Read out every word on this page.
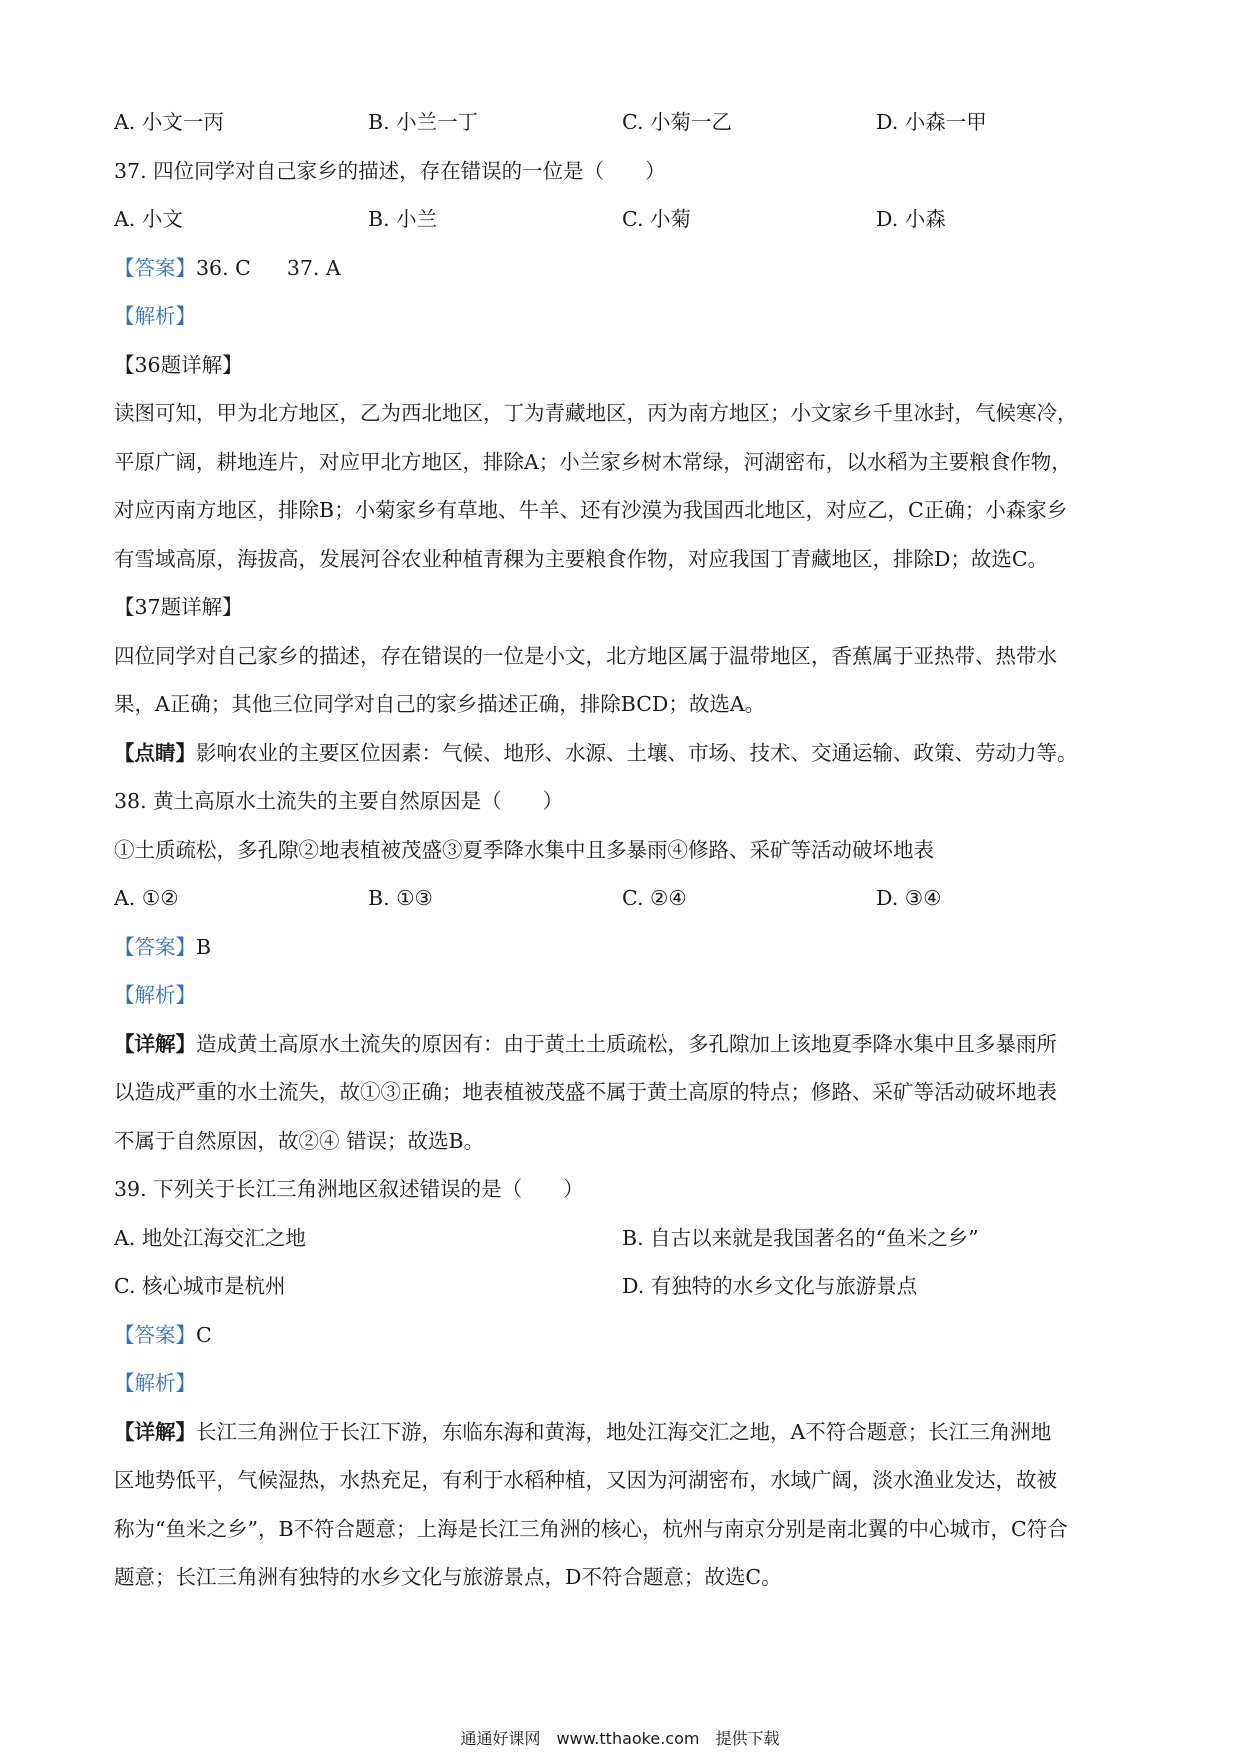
A. 小文一丙	B. 小兰一丁	C. 小菊一乙	D. 小森一甲
37. 四位同学对自己家乡的描述，存在错误的一位是（　　）
A. 小文	B. 小兰	C. 小菊	D. 小森
【答案】36. C 37. A
【解析】
【36题详解】
读图可知，甲为北方地区，乙为西北地区，丁为青藏地区，丙为南方地区；小文家乡千里冰封，气候寒冷，
平原广阔，耕地连片，对应甲北方地区，排除A；小兰家乡树木常绿，河湖密布，以水稻为主要粮食作物，
对应丙南方地区，排除B；小菊家乡有草地、牛羊、还有沙漠为我国西北地区，对应乙，C正确；小森家乡
有雪域高原，海拔高，发展河谷农业种植青稞为主要粮食作物，对应我国丁青藏地区，排除D；故选C。
【37题详解】
四位同学对自己家乡的描述，存在错误的一位是小文，北方地区属于温带地区，香蕉属于亚热带、热带水
果，A正确；其他三位同学对自己的家乡描述正确，排除BCD；故选A。
【点睛】影响农业的主要区位因素：气候、地形、水源、土壤、市场、技术、交通运输、政策、劳动力等。
38. 黄土高原水土流失的主要自然原因是（　　）
①土质疏松，多孔隙②地表植被茂盛③夏季降水集中且多暴雨④修路、采矿等活动破坏地表
A. ①②	B. ①③	C. ②④	D. ③④
【答案】B
【解析】
【详解】造成黄土高原水土流失的原因有：由于黄土土质疏松，多孔隙加上该地夏季降水集中且多暴雨所
以造成严重的水土流失，故①③正确；地表植被茂盛不属于黄土高原的特点；修路、采矿等活动破坏地表
不属于自然原因，故②④ 错误；故选B。
39. 下列关于长江三角洲地区叙述错误的是（　　）
A. 地处江海交汇之地	B. 自古以来就是我国著名的“鱼米之乡”
C. 核心城市是杭州	D. 有独特的水乡文化与旅游景点
【答案】C
【解析】
【详解】长江三角洲位于长江下游，东临东海和黄海，地处江海交汇之地，A不符合题意；长江三角洲地
区地势低平，气候湿热，水热充足，有利于水稻种植，又因为河湖密布，水域广阔，淡水渔业发达，故被
称为“鱼米之乡”，B不符合题意；上海是长江三角洲的核心，杭州与南京分别是南北翼的中心城市，C符合
题意；长江三角洲有独特的水乡文化与旅游景点，D不符合题意；故选C。
通通好课网　www.tthaoke.com　提供下载
